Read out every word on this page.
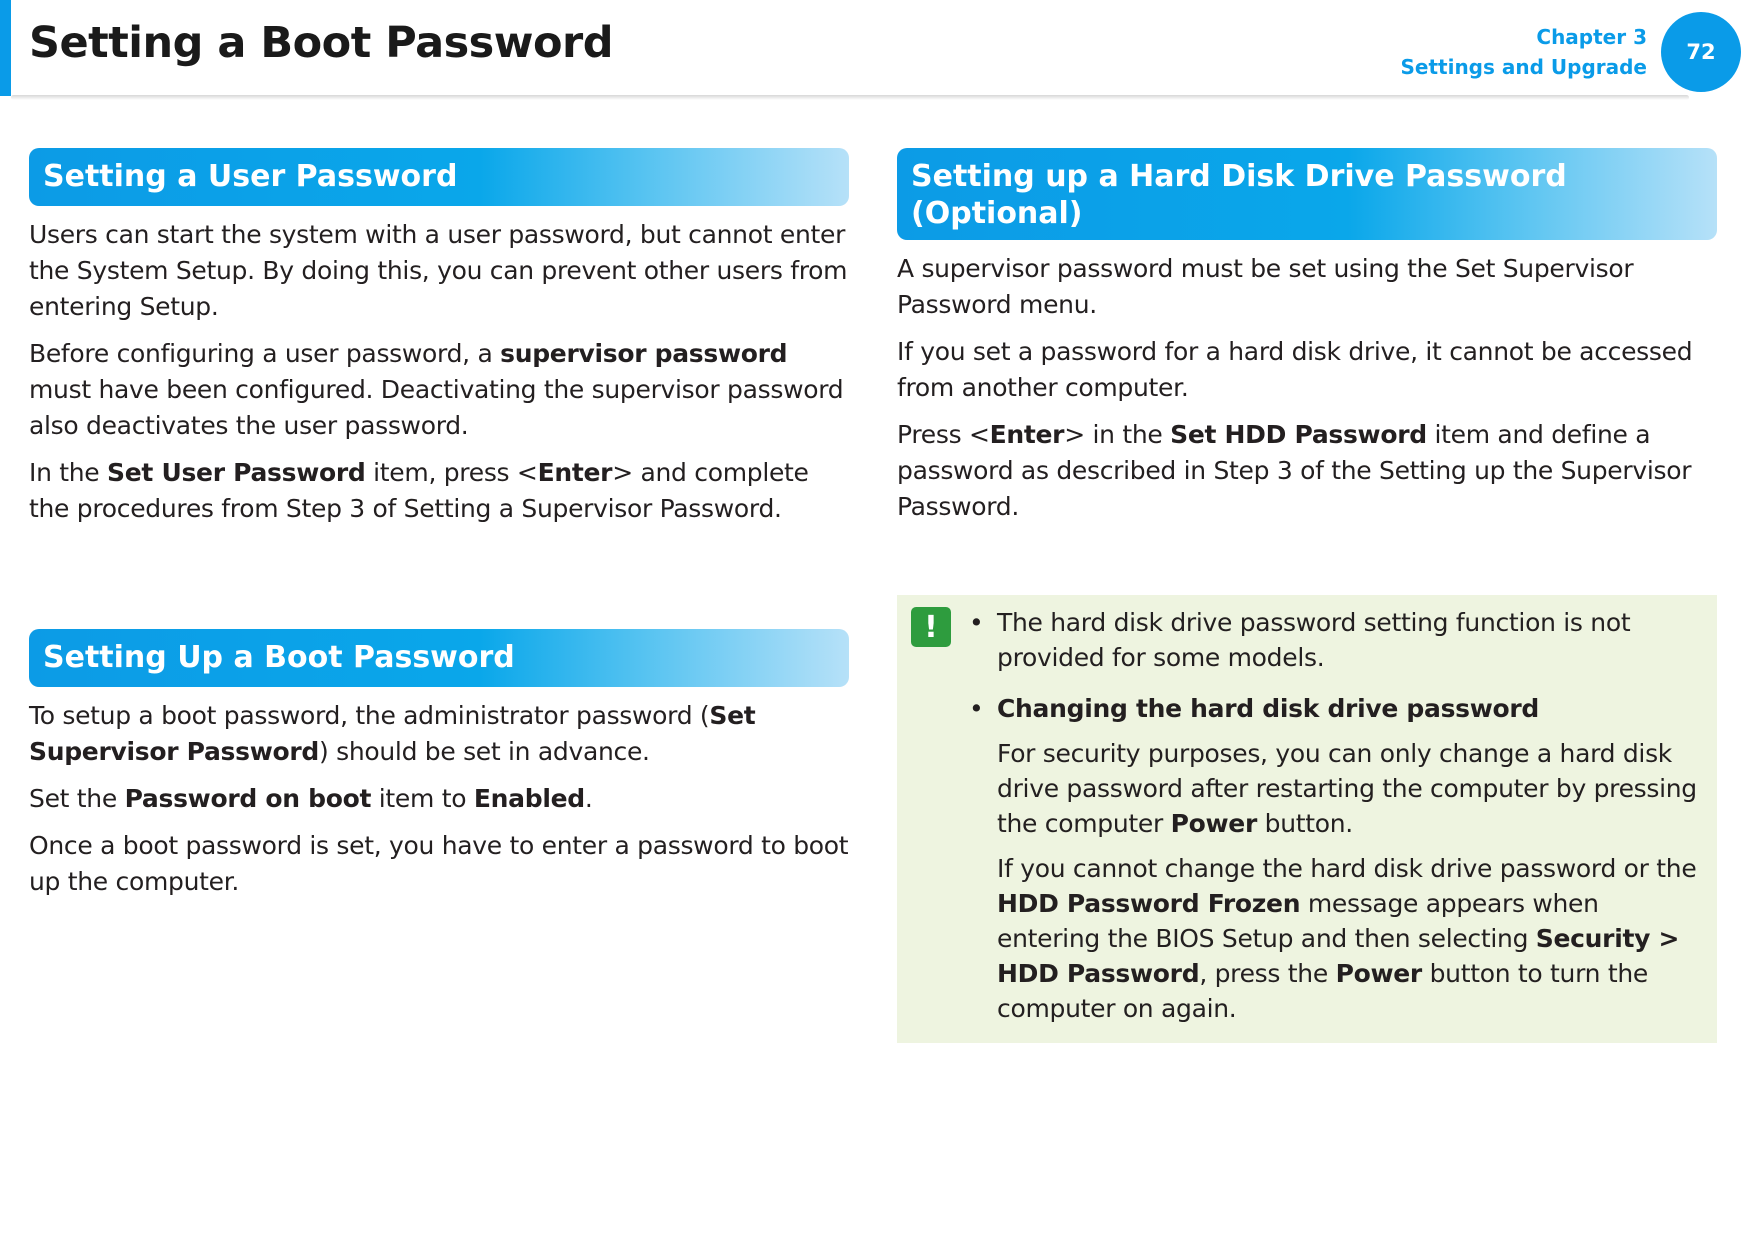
Setting a Boot Password	Chapter 3
Settings and Upgrade
72
Setting a User Password

Users can start the system with a user password, but cannot enter the System Setup. By doing this, you can prevent other users from entering Setup.

Before configuring a user password, a supervisor password must have been configured. Deactivating the supervisor password also deactivates the user password.

In the Set User Password item, press <Enter> and complete the procedures from Step 3 of Setting a Supervisor Password.

Setting Up a Boot Password

To setup a boot password, the administrator password (Set Supervisor Password) should be set in advance.

Set the Password on boot item to Enabled.

Once a boot password is set, you have to enter a password to boot up the computer.

Setting up a Hard Disk Drive Password
(Optional)

A supervisor password must be set using the Set Supervisor Password menu.

If you set a password for a hard disk drive, it cannot be accessed from another computer.

Press <Enter> in the Set HDD Password item and define a password as described in Step 3 of the Setting up the Supervisor Password.

!	• The hard disk drive password setting function is not provided for some models.
• Changing the hard disk drive password

For security purposes, you can only change a hard disk drive password after restarting the computer by pressing the computer Power button.

If you cannot change the hard disk drive password or the HDD Password Frozen message appears when entering the BIOS Setup and then selecting Security > HDD Password, press the Power button to turn the computer on again.
